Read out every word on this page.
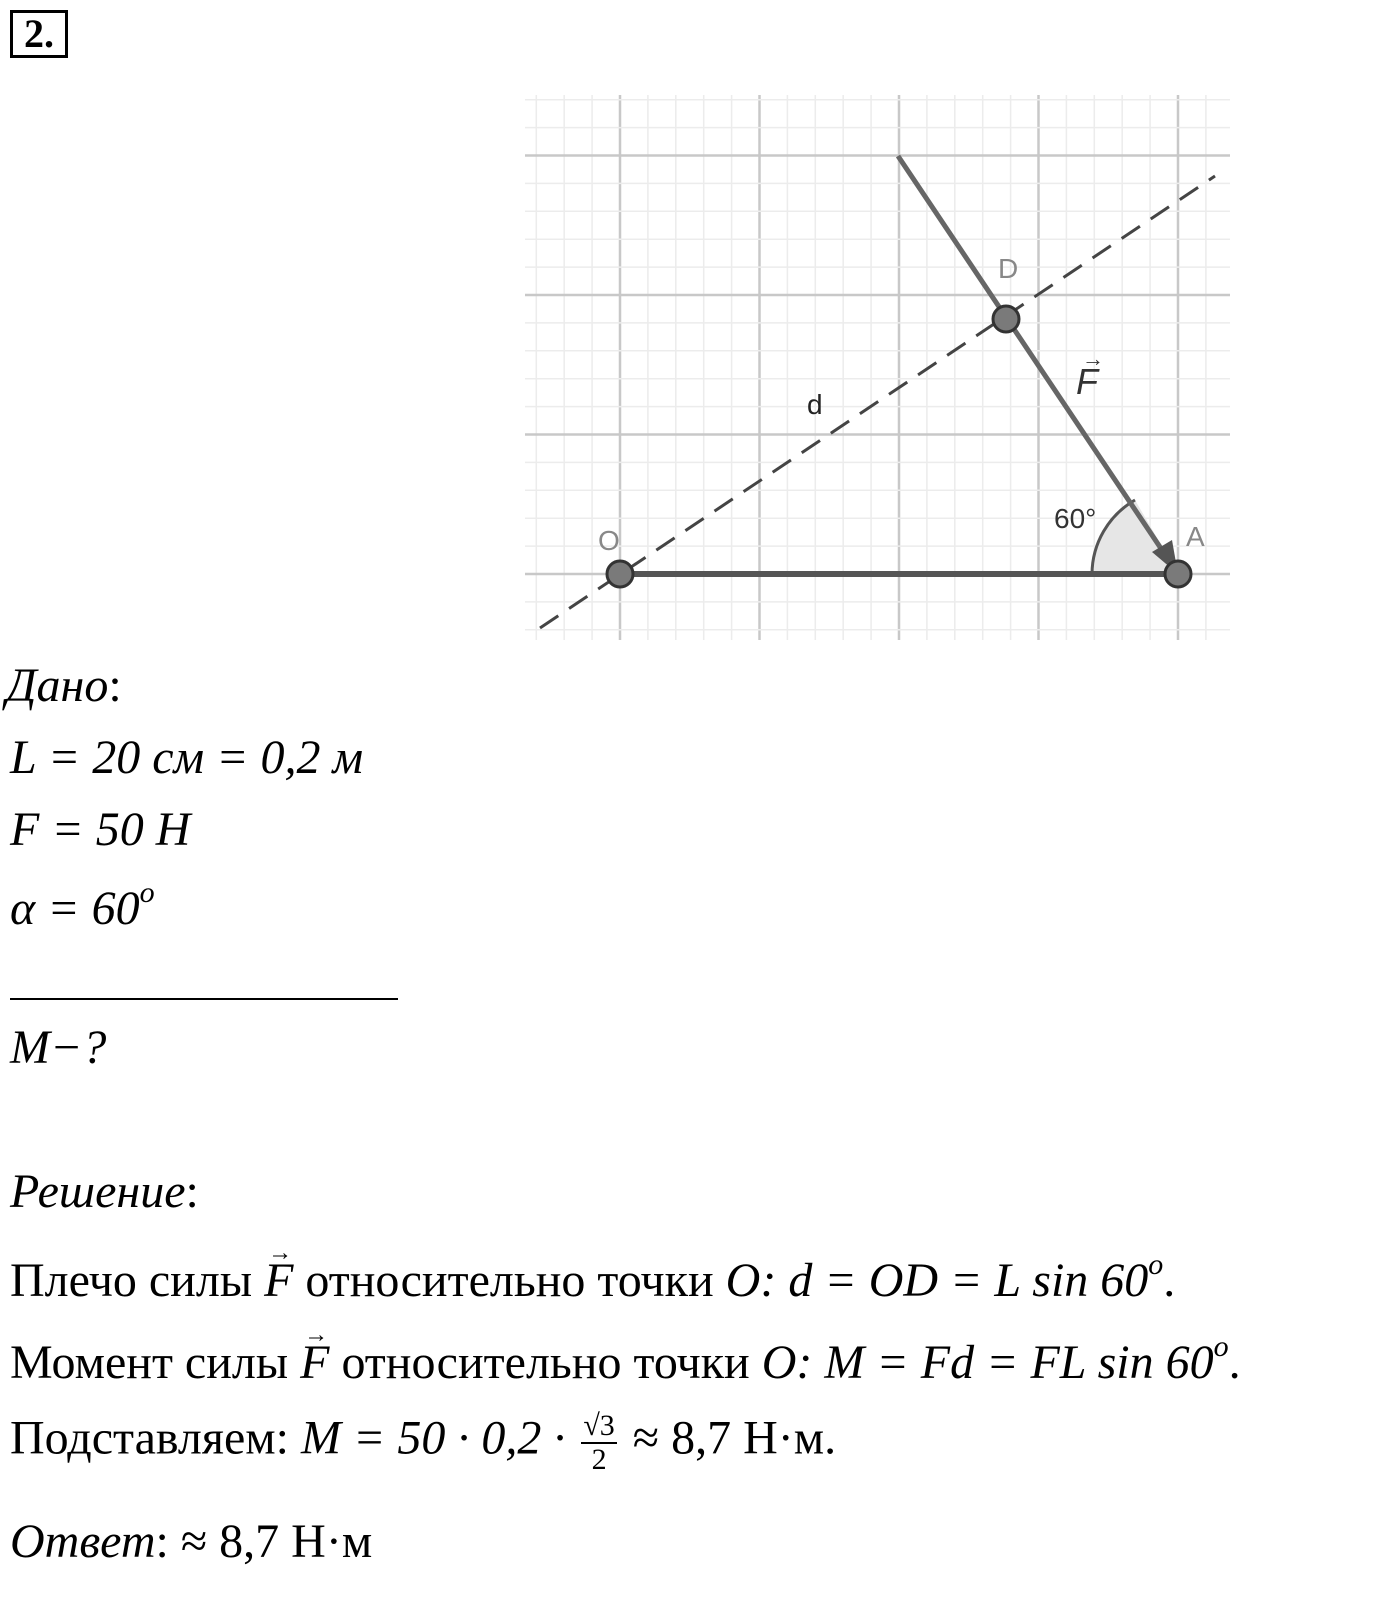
2.
O	A
D
d
60°
F
→
Дано:
L = 20 см = 0,2 м
F = 50 Н
$\alpha = 60^o$
M−?
Решение:
Плечо силы → F относительно точки O: d = OD = L sin 60$^o$.
Момент силы → F относительно точки O: M = Fd = FL sin 60$^o$.
Подставляем: $M = 50 \cdot 0,2 \cdot \frac{√3}{2} \approx 8,7$ Н·м.
Ответ: ≈ 8,7 Н·м
